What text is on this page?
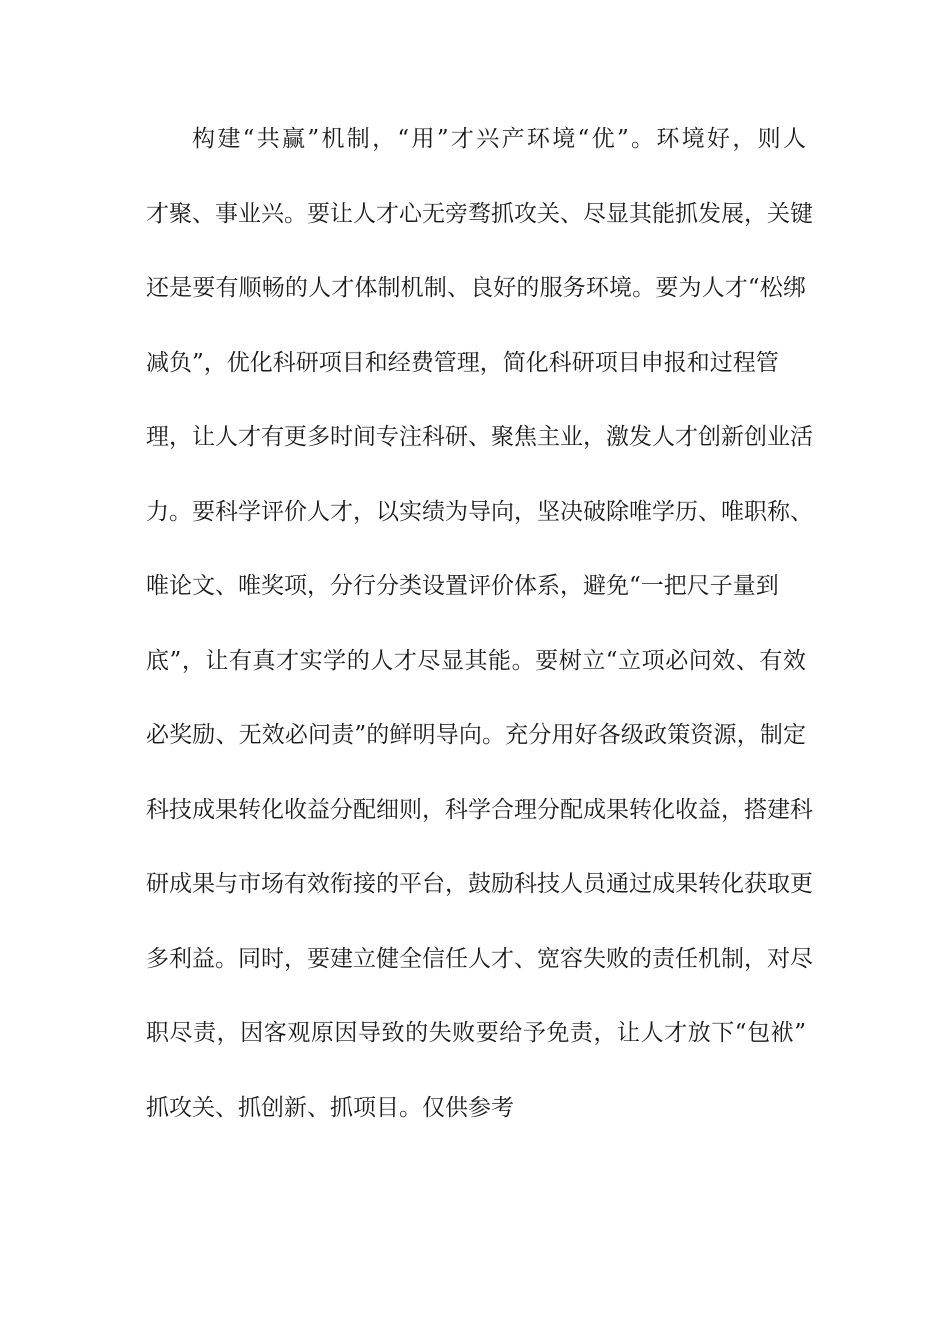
构建“共赢”机制，“用”才兴产环境“优”。环境好，则人
才聚、事业兴。要让人才心无旁骛抓攻关、尽显其能抓发展，关键
还是要有顺畅的人才体制机制、良好的服务环境。要为人才“松绑
减负”，优化科研项目和经费管理，简化科研项目申报和过程管
理，让人才有更多时间专注科研、聚焦主业，激发人才创新创业活
力。要科学评价人才，以实绩为导向，坚决破除唯学历、唯职称、
唯论文、唯奖项，分行分类设置评价体系，避免“一把尺子量到
底”，让有真才实学的人才尽显其能。要树立“立项必问效、有效
必奖励、无效必问责”的鲜明导向。充分用好各级政策资源，制定
科技成果转化收益分配细则，科学合理分配成果转化收益，搭建科
研成果与市场有效衔接的平台，鼓励科技人员通过成果转化获取更
多利益。同时，要建立健全信任人才、宽容失败的责任机制，对尽
职尽责，因客观原因导致的失败要给予免责，让人才放下“包袱”
抓攻关、抓创新、抓项目。仅供参考
